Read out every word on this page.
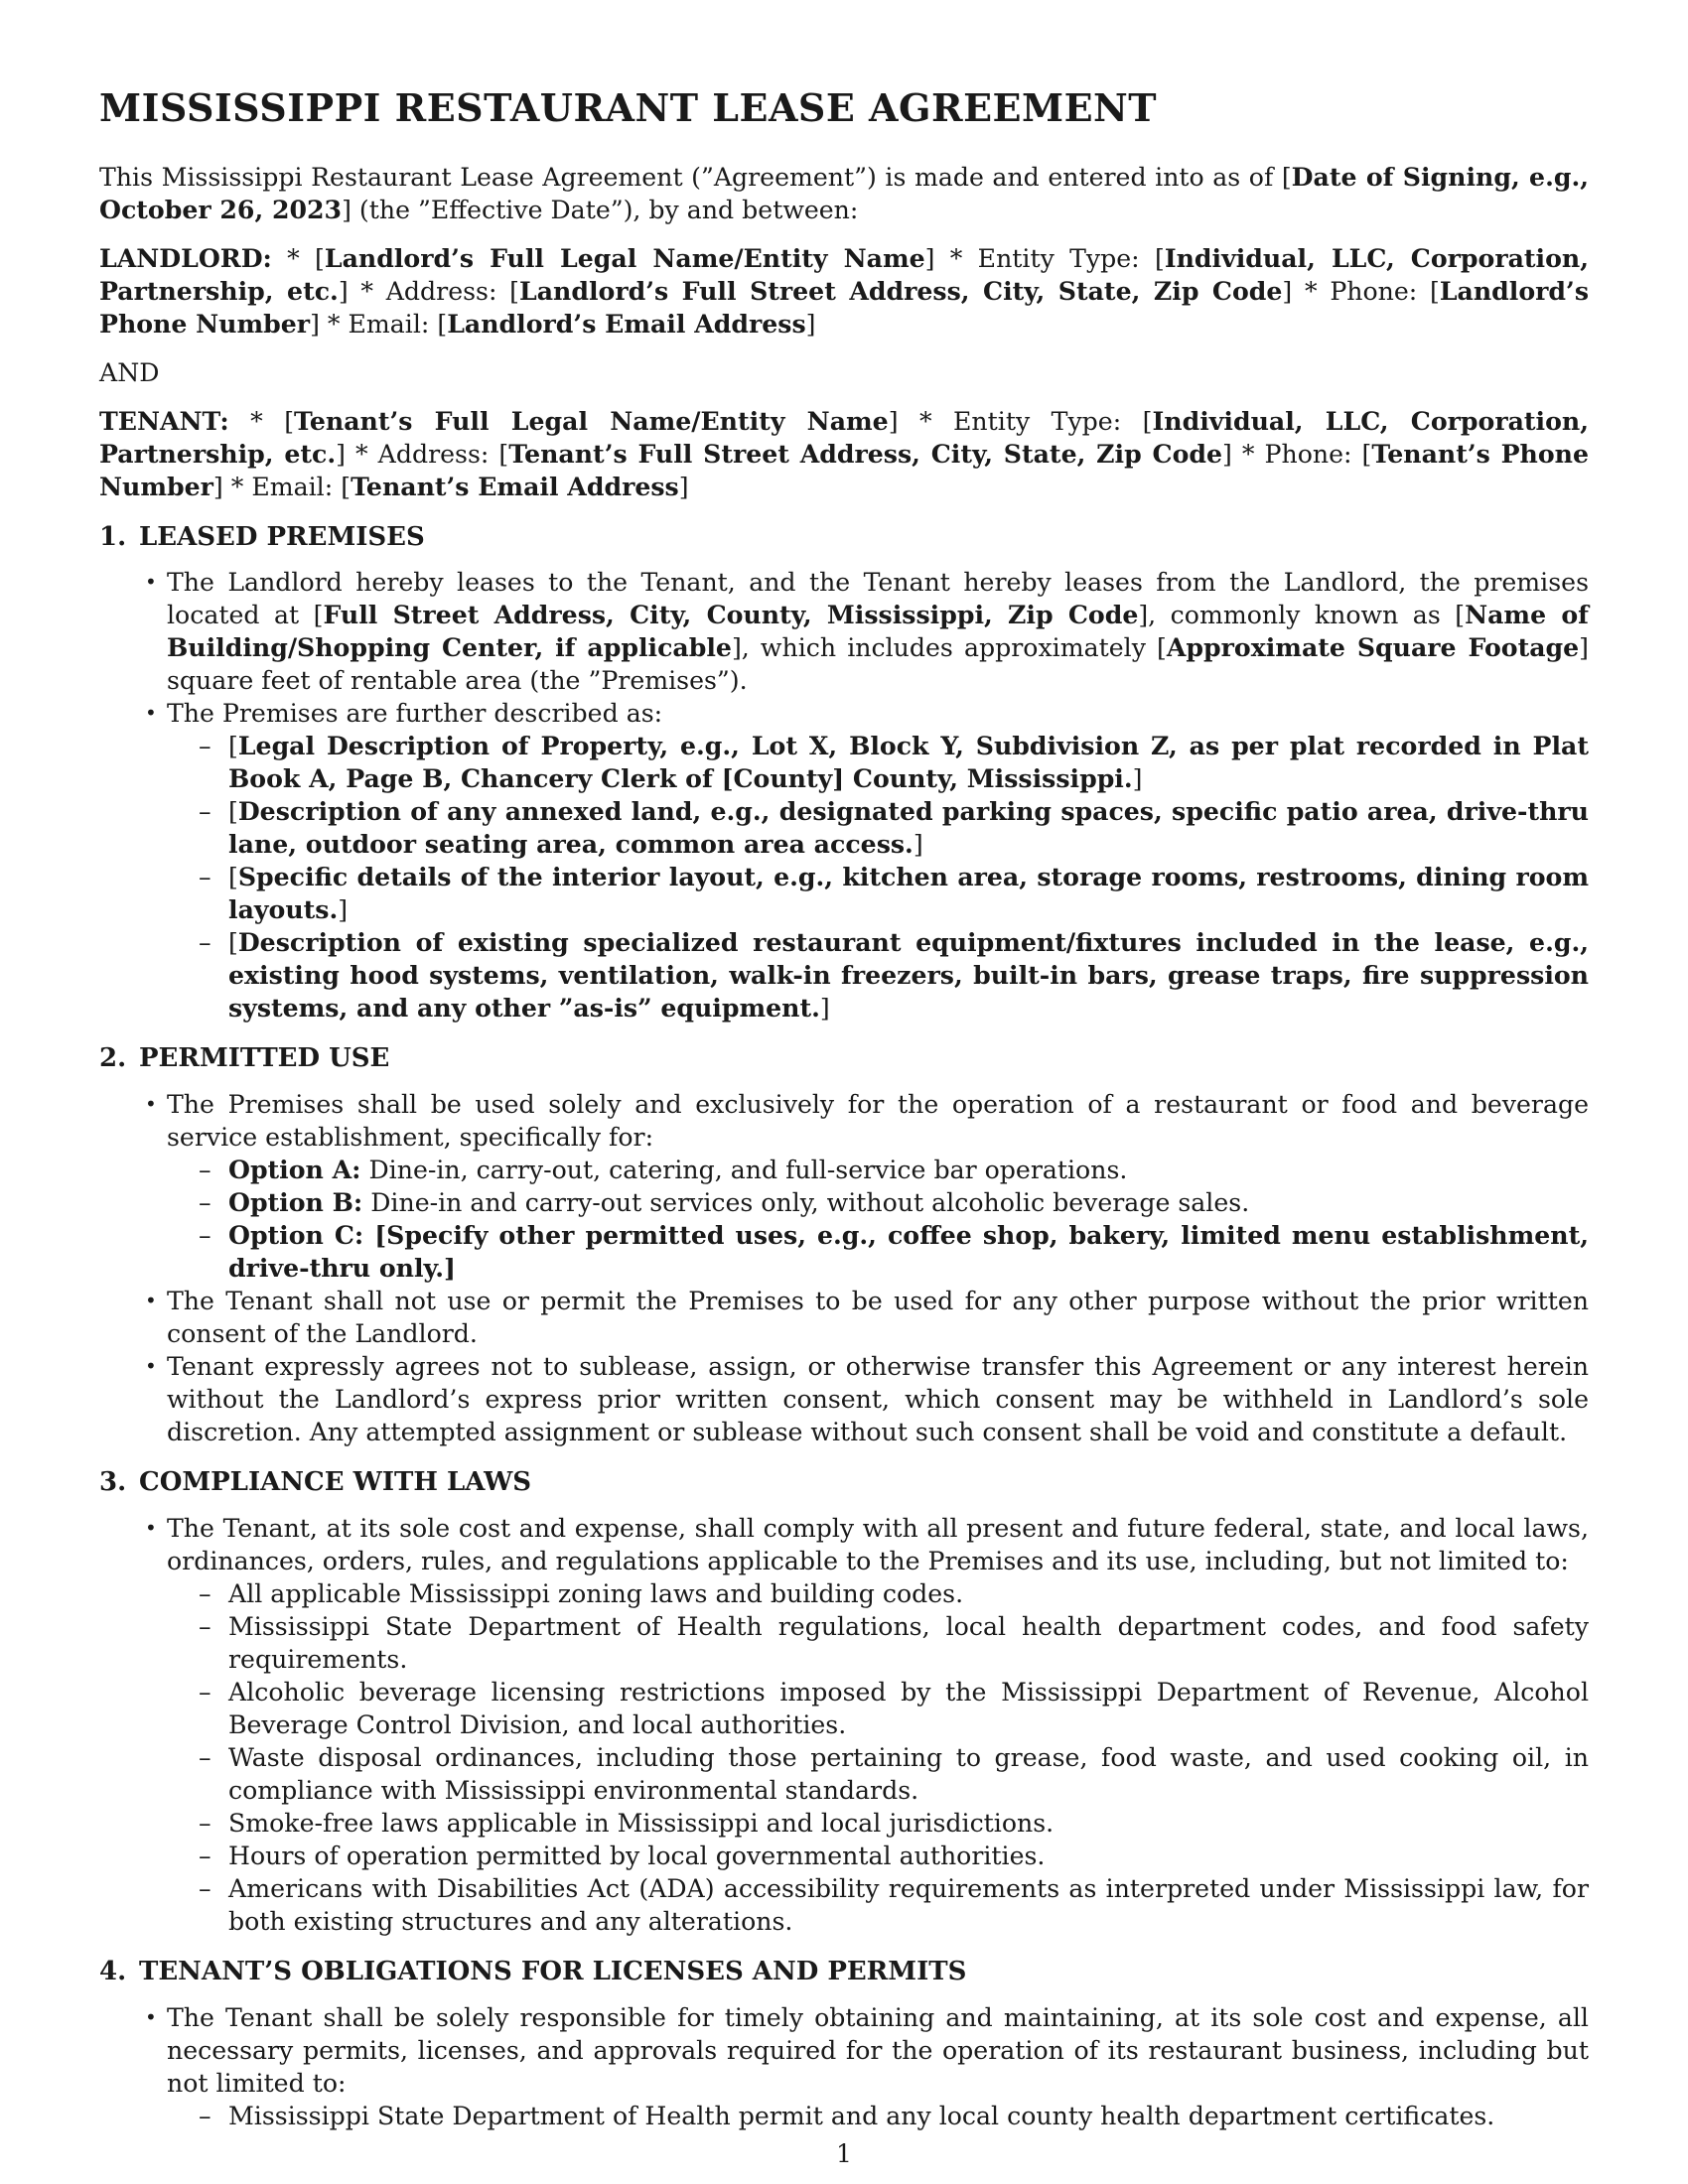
MISSISSIPPI RESTAURANT LEASE AGREEMENT

This Mississippi Restaurant Lease Agreement (”Agreement”) is made and entered into as of [Date of Signing, e.g., October 26, 2023] (the ”Effective Date”), by and between:

LANDLORD: * [Landlord’s Full Legal Name/Entity Name] * Entity Type: [Individual, LLC, Corporation, Partnership, etc.] * Address: [Landlord’s Full Street Address, City, State, Zip Code] * Phone: [Landlord’s Phone Number] * Email: [Landlord’s Email Address]

AND

TENANT: * [Tenant’s Full Legal Name/Entity Name] * Entity Type: [Individual, LLC, Corporation, Partnership, etc.] * Address: [Tenant’s Full Street Address, City, State, Zip Code] * Phone: [Tenant’s Phone Number] * Email: [Tenant’s Email Address]

1. LEASED PREMISES
• The Landlord hereby leases to the Tenant, and the Tenant hereby leases from the Landlord, the premises located at [Full Street Address, City, County, Mississippi, Zip Code], commonly known as [Name of Building/Shopping Center, if applicable], which includes approximately [Approximate Square Footage] square feet of rentable area (the ”Premises”).
• The Premises are further described as:
– [Legal Description of Property, e.g., Lot X, Block Y, Subdivision Z, as per plat recorded in Plat Book A, Page B, Chancery Clerk of [County] County, Mississippi.]
– [Description of any annexed land, e.g., designated parking spaces, specific patio area, drive-thru lane, outdoor seating area, common area access.]
– [Specific details of the interior layout, e.g., kitchen area, storage rooms, restrooms, dining room layouts.]
– [Description of existing specialized restaurant equipment/fixtures included in the lease, e.g., existing hood systems, ventilation, walk-in freezers, built-in bars, grease traps, fire suppression systems, and any other ”as-is” equipment.]
2. PERMITTED USE
• The Premises shall be used solely and exclusively for the operation of a restaurant or food and beverage service establishment, specifically for:
– Option A: Dine-in, carry-out, catering, and full-service bar operations.
– Option B: Dine-in and carry-out services only, without alcoholic beverage sales.
– Option C: [Specify other permitted uses, e.g., coffee shop, bakery, limited menu establishment, drive-thru only.]
• The Tenant shall not use or permit the Premises to be used for any other purpose without the prior written consent of the Landlord.
• Tenant expressly agrees not to sublease, assign, or otherwise transfer this Agreement or any interest herein without the Landlord’s express prior written consent, which consent may be withheld in Landlord’s sole discretion. Any attempted assignment or sublease without such consent shall be void and constitute a default.
3. COMPLIANCE WITH LAWS
• The Tenant, at its sole cost and expense, shall comply with all present and future federal, state, and local laws, ordinances, orders, rules, and regulations applicable to the Premises and its use, including, but not limited to:
– All applicable Mississippi zoning laws and building codes.
– Mississippi State Department of Health regulations, local health department codes, and food safety requirements.
– Alcoholic beverage licensing restrictions imposed by the Mississippi Department of Revenue, Alcohol Beverage Control Division, and local authorities.
– Waste disposal ordinances, including those pertaining to grease, food waste, and used cooking oil, in compliance with Mississippi environmental standards.
– Smoke-free laws applicable in Mississippi and local jurisdictions.
– Hours of operation permitted by local governmental authorities.
– Americans with Disabilities Act (ADA) accessibility requirements as interpreted under Mississippi law, for both existing structures and any alterations.
4. TENANT’S OBLIGATIONS FOR LICENSES AND PERMITS
• The Tenant shall be solely responsible for timely obtaining and maintaining, at its sole cost and expense, all necessary permits, licenses, and approvals required for the operation of its restaurant business, including but not limited to:
– Mississippi State Department of Health permit and any local county health department certificates.
1
